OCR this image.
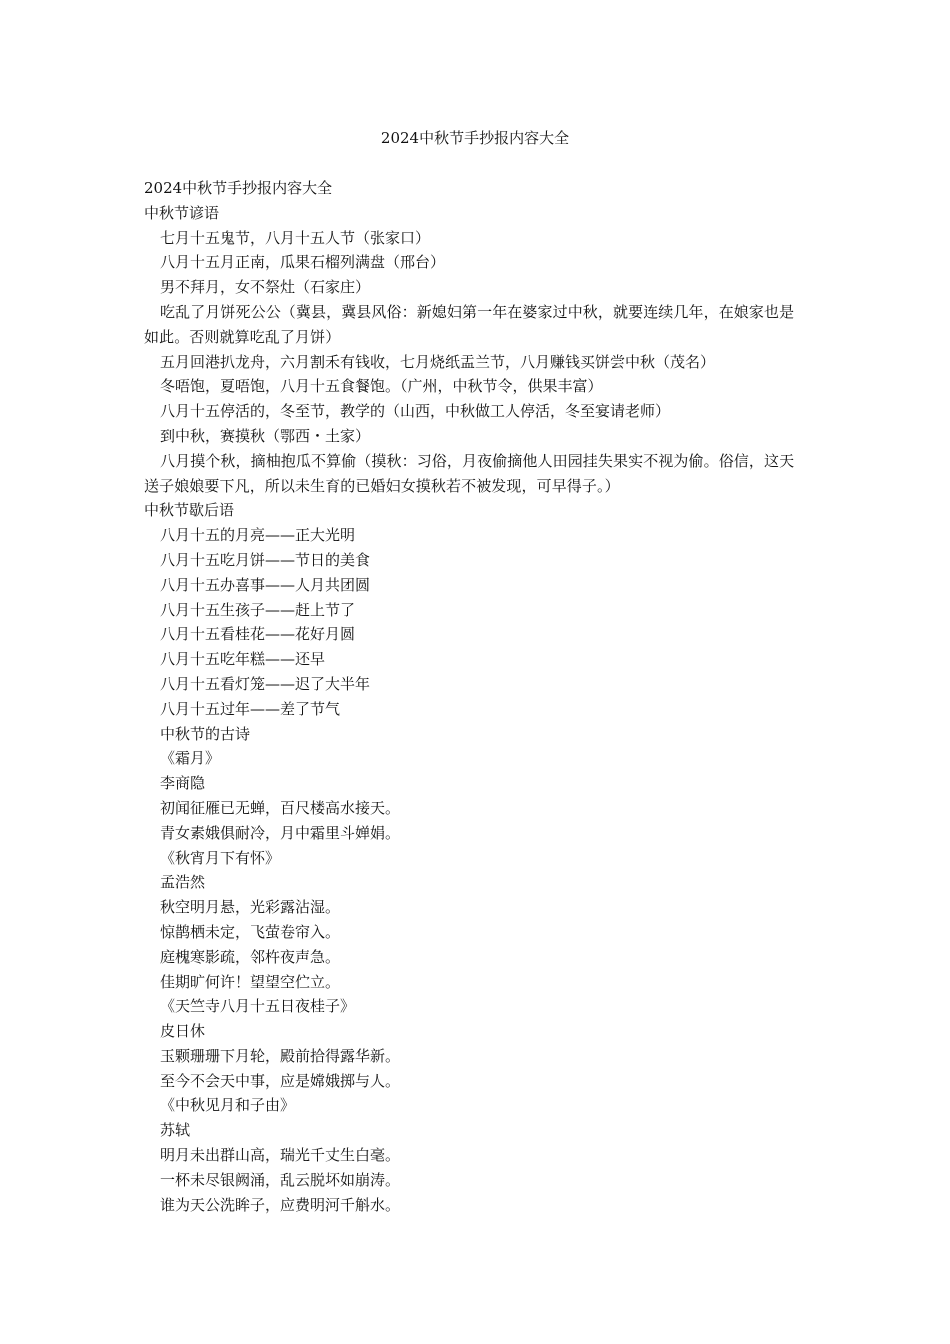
2024中秋节手抄报内容大全
2024中秋节手抄报内容大全
中秋节谚语
七月十五鬼节，八月十五人节（张家口）
八月十五月正南，瓜果石榴列满盘（邢台）
男不拜月，女不祭灶（石家庄）
吃乱了月饼死公公（冀县，冀县风俗：新媳妇第一年在婆家过中秋，就要连续几年，在娘家也是如此。否则就算吃乱了月饼）
五月回港扒龙舟，六月割禾有钱收，七月烧纸盂兰节，八月赚钱买饼尝中秋（茂名）
冬唔饱，夏唔饱，八月十五食餐饱。（广州，中秋节令，供果丰富）
八月十五停活的，冬至节，教学的（山西，中秋做工人停活，冬至宴请老师）
到中秋，赛摸秋（鄂西・土家）
八月摸个秋，摘柚抱瓜不算偷（摸秋：习俗，月夜偷摘他人田园挂失果实不视为偷。俗信，这天送子娘娘要下凡，所以未生育的已婚妇女摸秋若不被发现，可早得子。）
中秋节歇后语
八月十五的月亮——正大光明
八月十五吃月饼——节日的美食
八月十五办喜事——人月共团圆
八月十五生孩子——赶上节了
八月十五看桂花——花好月圆
八月十五吃年糕——还早
八月十五看灯笼——迟了大半年
八月十五过年——差了节气
中秋节的古诗
《霜月》
李商隐
初闻征雁已无蝉，百尺楼高水接天。
青女素娥俱耐冷，月中霜里斗婵娟。
《秋宵月下有怀》
孟浩然
秋空明月悬，光彩露沾湿。
惊鹊栖未定，飞萤卷帘入。
庭槐寒影疏，邻杵夜声急。
佳期旷何许！望望空伫立。
《天竺寺八月十五日夜桂子》
皮日休
玉颗珊珊下月轮，殿前拾得露华新。
至今不会天中事，应是嫦娥掷与人。
《中秋见月和子由》
苏轼
明月未出群山高，瑞光千丈生白毫。
一杯未尽银阙涌，乱云脱坏如崩涛。
谁为天公洗眸子，应费明河千斛水。
